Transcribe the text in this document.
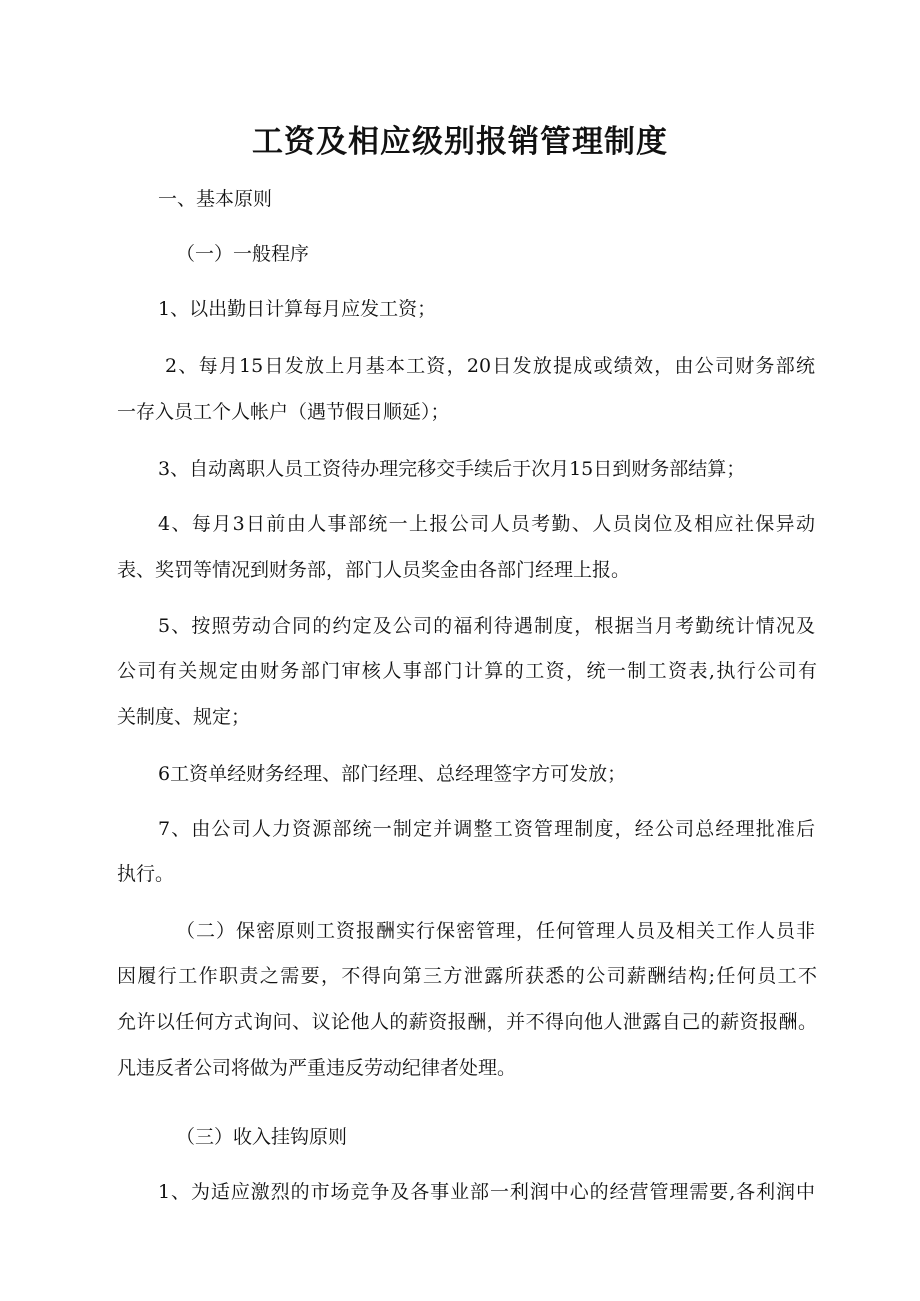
工资及相应级别报销管理制度
一、基本原则
（一）一般程序
1、以出勤日计算每月应发工资；
2、每月15日发放上月基本工资，20日发放提成或绩效，由公司财务部统
一存入员工个人帐户（遇节假日顺延）；
3、自动离职人员工资待办理完移交手续后于次月15日到财务部结算；
4、每月3日前由人事部统一上报公司人员考勤、人员岗位及相应社保异动
表、奖罚等情况到财务部，部门人员奖金由各部门经理上报。
5、按照劳动合同的约定及公司的福利待遇制度，根据当月考勤统计情况及
公司有关规定由财务部门审核人事部门计算的工资，统一制工资表,执行公司有
关制度、规定；
6工资单经财务经理、部门经理、总经理签字方可发放；
7、由公司人力资源部统一制定并调整工资管理制度，经公司总经理批准后
执行。
（二）保密原则工资报酬实行保密管理，任何管理人员及相关工作人员非
因履行工作职责之需要，不得向第三方泄露所获悉的公司薪酬结构;任何员工不
允许以任何方式询问、议论他人的薪资报酬，并不得向他人泄露自己的薪资报酬。
凡违反者公司将做为严重违反劳动纪律者处理。
（三）收入挂钩原则
1、为适应激烈的市场竞争及各事业部一利润中心的经营管理需要,各利润中
